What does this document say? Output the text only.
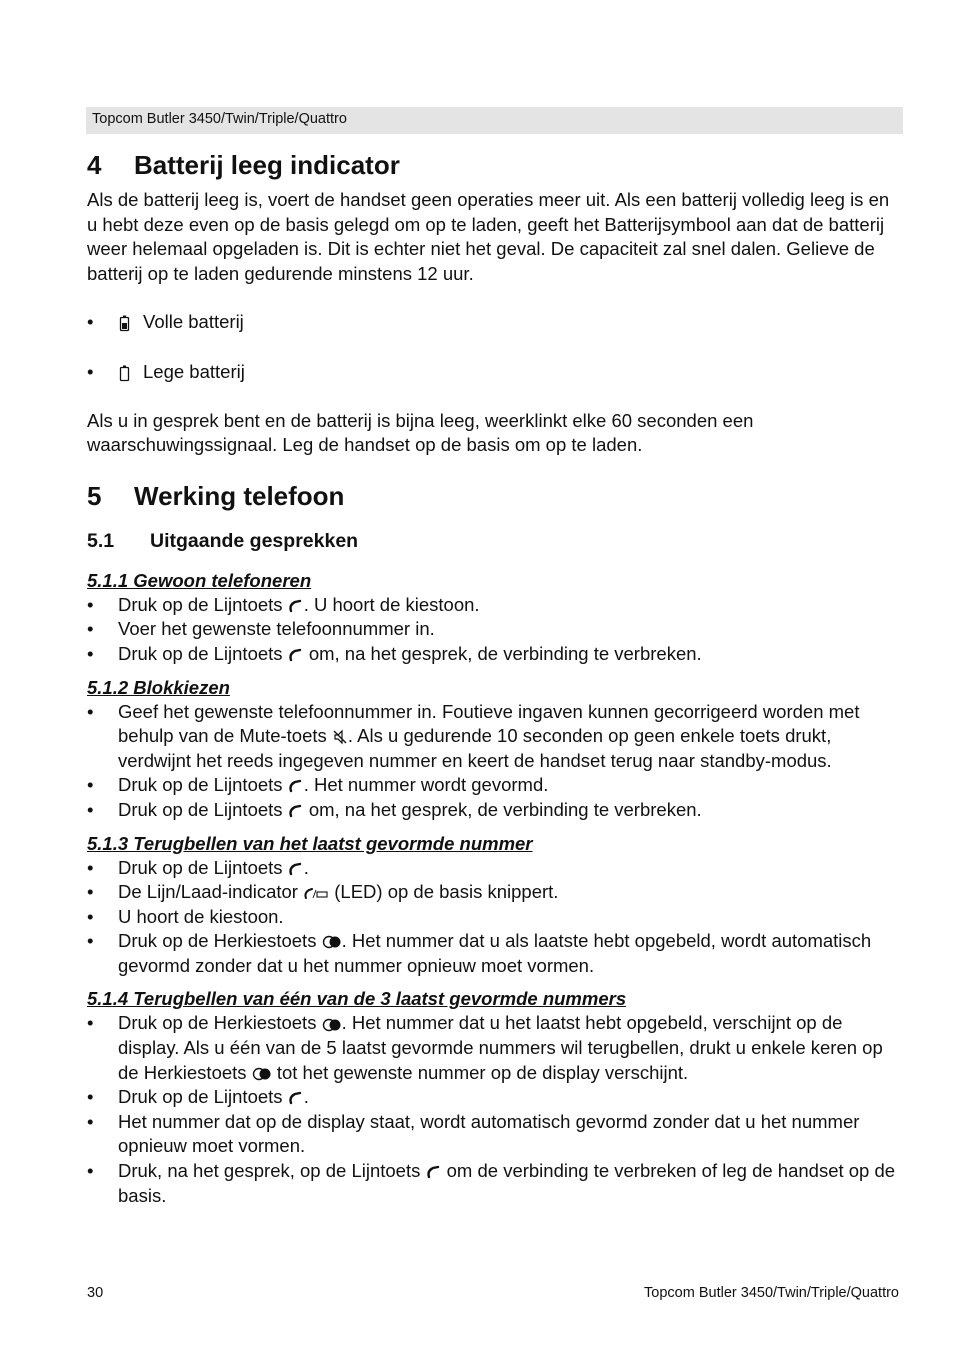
Topcom Butler 3450/Twin/Triple/Quattro
4 Batterij leeg indicator

Als de batterij leeg is, voert de handset geen operaties meer uit. Als een batterij volledig leeg is en u hebt deze even op de basis gelegd om op te laden, geeft het Batterijsymbool aan dat de batterij weer helemaal opgeladen is. Dit is echter niet het geval. De capaciteit zal snel dalen. Gelieve de batterij op te laden gedurende minstens 12 uur.

•	Volle batterij
•	Lege batterij

Als u in gesprek bent en de batterij is bijna leeg, weerklinkt elke 60 seconden een waarschuwingssignaal. Leg de handset op de basis om op te laden.

5 Werking telefoon
5.1 Uitgaande gesprekken
5.1.1 Gewoon telefoneren
• Druk op de Lijntoets . U hoort de kiestoon.
• Voer het gewenste telefoonnummer in.
• Druk op de Lijntoets  om, na het gesprek, de verbinding te verbreken.
5.1.2 Blokkiezen
• Geef het gewenste telefoonnummer in. Foutieve ingaven kunnen gecorrigeerd worden met behulp van de Mute-toets . Als u gedurende 10 seconden op geen enkele toets drukt, verdwijnt het reeds ingegeven nummer en keert de handset terug naar standby-modus.
• Druk op de Lijntoets . Het nummer wordt gevormd.
• Druk op de Lijntoets  om, na het gesprek, de verbinding te verbreken.
5.1.3 Terugbellen van het laatst gevormde nummer
• Druk op de Lijntoets .
• De Lijn/Laad-indicator  (LED) op de basis knippert.
• U hoort de kiestoon.
• Druk op de Herkiestoets . Het nummer dat u als laatste hebt opgebeld, wordt automatisch gevormd zonder dat u het nummer opnieuw moet vormen.
5.1.4 Terugbellen van één van de 3 laatst gevormde nummers
• Druk op de Herkiestoets . Het nummer dat u het laatst hebt opgebeld, verschijnt op de display. Als u één van de 5 laatst gevormde nummers wil terugbellen, drukt u enkele keren op de Herkiestoets  tot het gewenste nummer op de display verschijnt.
• Druk op de Lijntoets .
• Het nummer dat op de display staat, wordt automatisch gevormd zonder dat u het nummer opnieuw moet vormen.
• Druk, na het gesprek, op de Lijntoets  om de verbinding te verbreken of leg de handset op de basis.
30	Topcom Butler 3450/Twin/Triple/Quattro
